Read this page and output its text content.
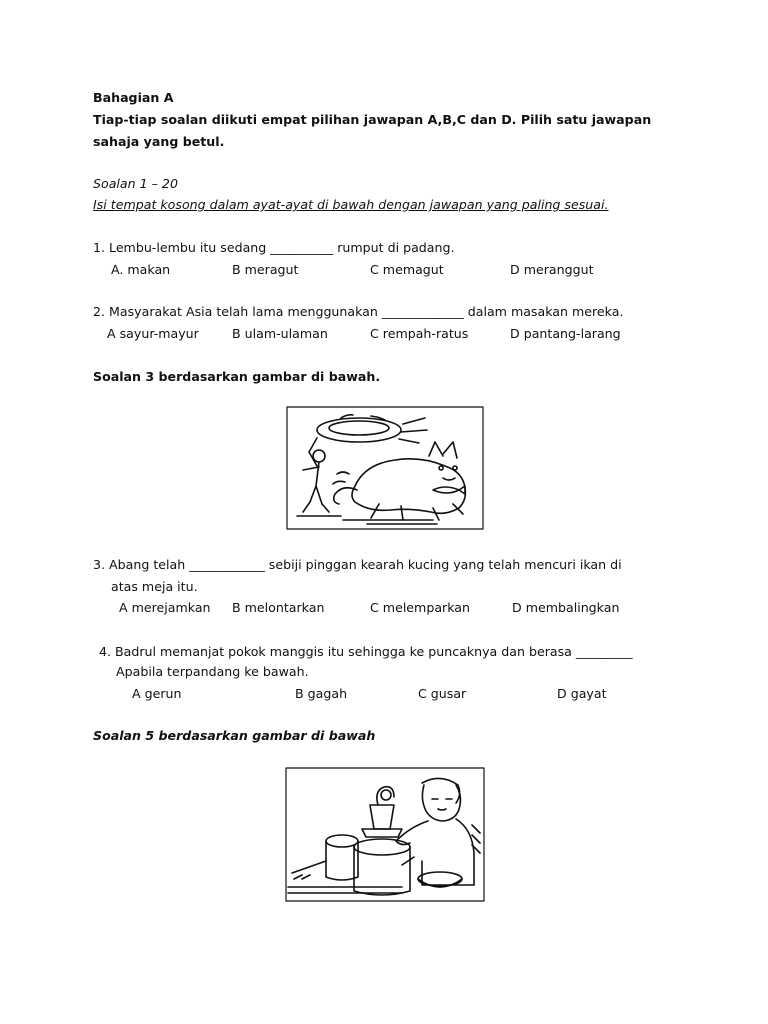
Bahagian A
Tiap-tiap soalan diikuti empat pilihan jawapan A,B,C dan D. Pilih satu jawapan
sahaja yang betul.
Soalan 1 – 20
Isi tempat kosong dalam ayat-ayat di bawah dengan jawapan yang paling sesuai.
1. Lembu-lembu itu sedang __________ rumput di padang.
A. makan	B meragut	C memagut	D meranggut
2. Masyarakat Asia telah lama menggunakan _____________ dalam masakan mereka.
A sayur-mayur	B ulam-ulaman	C rempah-ratus	D pantang-larang
Soalan 3 berdasarkan gambar di bawah.
3. Abang telah ____________ sebiji pinggan kearah kucing yang telah mencuri ikan di
atas meja itu.
A merejamkan B melontarkan	C melemparkan	D membalingkan
4. Badrul memanjat pokok manggis itu sehingga ke puncaknya dan berasa _________
Apabila terpandang ke bawah.
A gerun	B gagah	C gusar	D gayat
Soalan 5 berdasarkan gambar di bawah
